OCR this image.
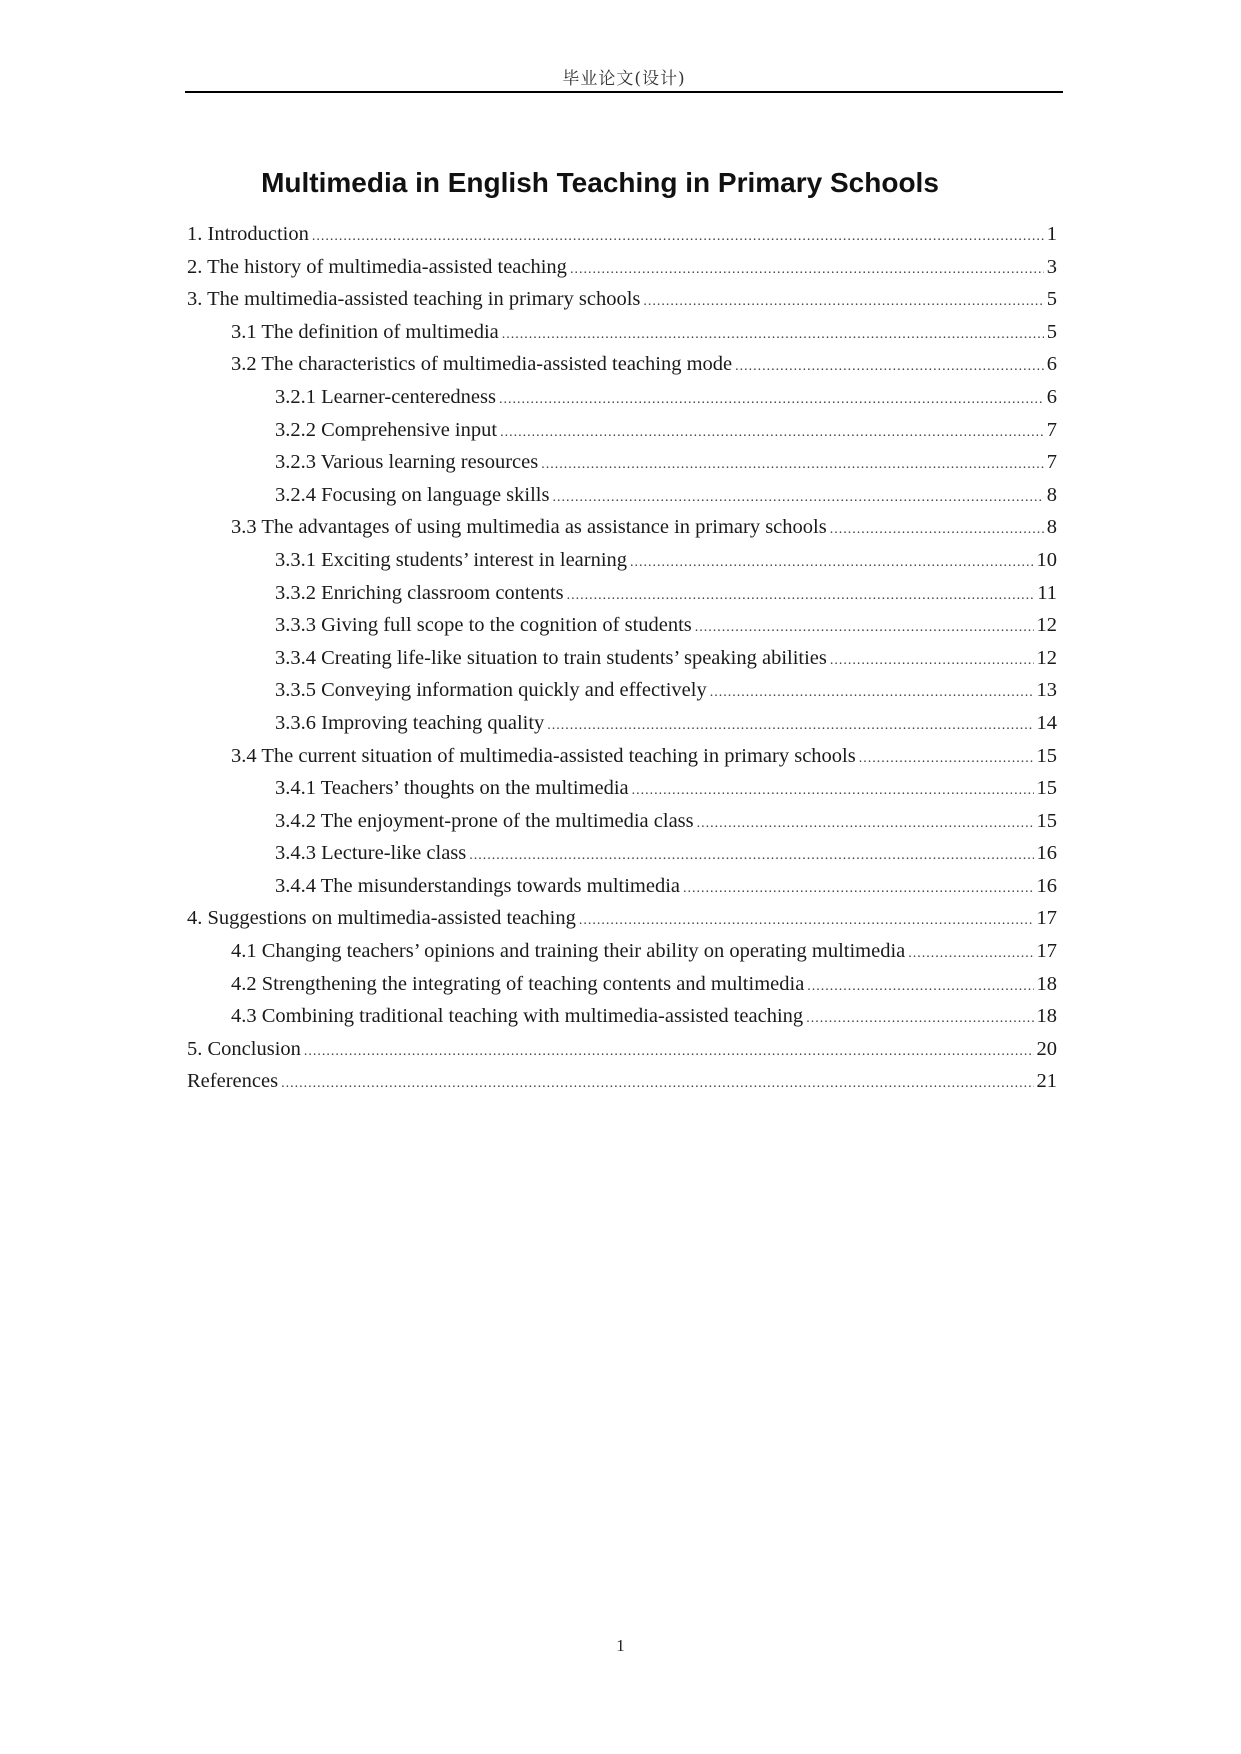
毕业论文(设计)
Multimedia in English Teaching in Primary Schools
1. Introduction .....	1
2. The history of multimedia-assisted teaching .....	3
3. The multimedia-assisted teaching in primary schools .....	5
3.1 The definition of multimedia .....	5
3.2 The characteristics of multimedia-assisted teaching mode .....	6
3.2.1 Learner-centeredness .....	6
3.2.2 Comprehensive input .....	7
3.2.3 Various learning resources .....	7
3.2.4 Focusing on language skills .....	8
3.3 The advantages of using multimedia as assistance in primary schools .....	8
3.3.1 Exciting students’ interest in learning .....	10
3.3.2 Enriching classroom contents .....	11
3.3.3 Giving full scope to the cognition of students .....	12
3.3.4 Creating life-like situation to train students’ speaking abilities .....	12
3.3.5 Conveying information quickly and effectively .....	13
3.3.6 Improving teaching quality .....	14
3.4 The current situation of multimedia-assisted teaching in primary schools .....	15
3.4.1 Teachers’ thoughts on the multimedia .....	15
3.4.2 The enjoyment-prone of the multimedia class .....	15
3.4.3 Lecture-like class .....	16
3.4.4 The misunderstandings towards multimedia .....	16
4. Suggestions on multimedia-assisted teaching .....	17
4.1 Changing teachers’ opinions and training their ability on operating multimedia .....	17
4.2 Strengthening the integrating of teaching contents and multimedia .....	18
4.3 Combining traditional teaching with multimedia-assisted teaching .....	18
5. Conclusion .....	20
References .....	21
1
